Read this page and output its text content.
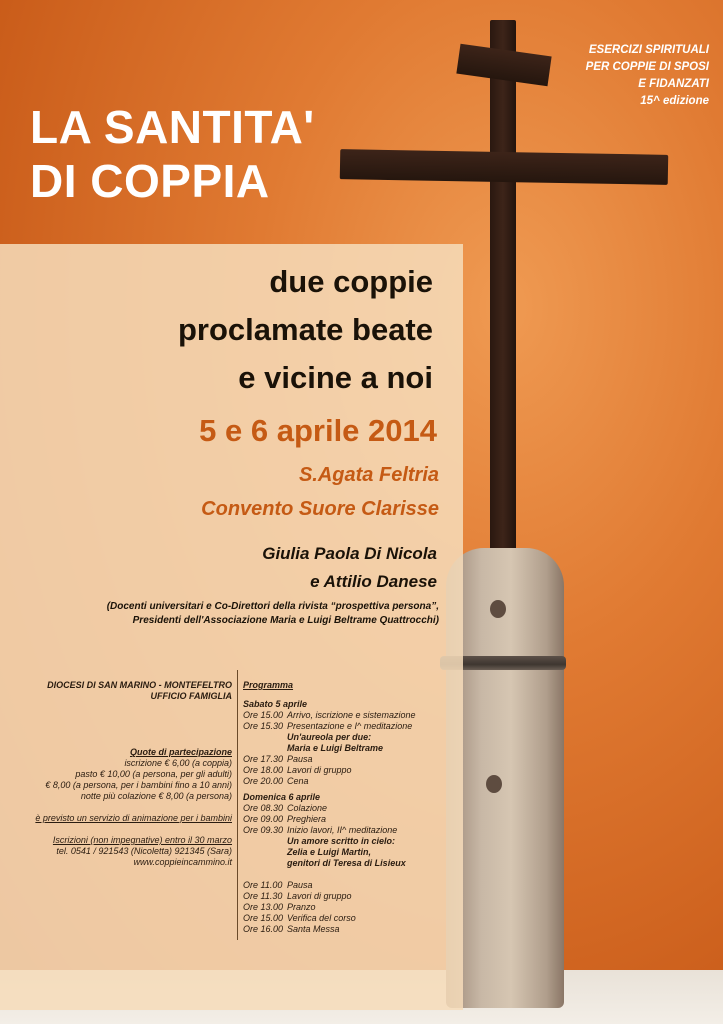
ESERCIZI SPIRITUALI
PER COPPIE DI SPOSI
E FIDANZATI
15^ edizione
LA SANTITA'
DI COPPIA
due coppie
proclamate beate
e vicine a noi
5 e 6 aprile 2014
S.Agata Feltria
Convento Suore Clarisse
Giulia Paola Di Nicola
e Attilio Danese
(Docenti universitari e Co-Direttori della rivista “prospettiva persona”,
Presidenti dell'Associazione Maria e Luigi Beltrame Quattrocchi)
DIOCESI DI SAN MARINO - MONTEFELTRO
UFFICIO FAMIGLIA
Quote di partecipazione
iscrizione € 6,00 (a coppia)
pasto € 10,00 (a persona, per gli adulti)
€ 8,00 (a persona, per i bambini fino a 10 anni)
notte più colazione € 8,00 (a persona)
è previsto un servizio di animazione per i bambini
Iscrizioni (non impegnative) entro il 30 marzo
tel. 0541 / 921543 (Nicoletta) 921345 (Sara)
www.coppieincammino.it
Programma
Sabato 5 aprile
Ore 15.00 Arrivo, iscrizione e sistemazione
Ore 15.30 Presentazione e I^ meditazione
Un'aureola per due:
Maria e Luigi Beltrame
Ore 17.30 Pausa
Ore 18.00 Lavori di gruppo
Ore 20.00 Cena
Domenica 6 aprile
Ore 08.30 Colazione
Ore 09.00 Preghiera
Ore 09.30 Inizio lavori, II^ meditazione
Un amore scritto in cielo:
Zelia e Luigi Martin,
genitori di Teresa di Lisieux
Ore 11.00 Pausa
Ore 11.30 Lavori di gruppo
Ore 13.00 Pranzo
Ore 15.00 Verifica del corso
Ore 16.00 Santa Messa
